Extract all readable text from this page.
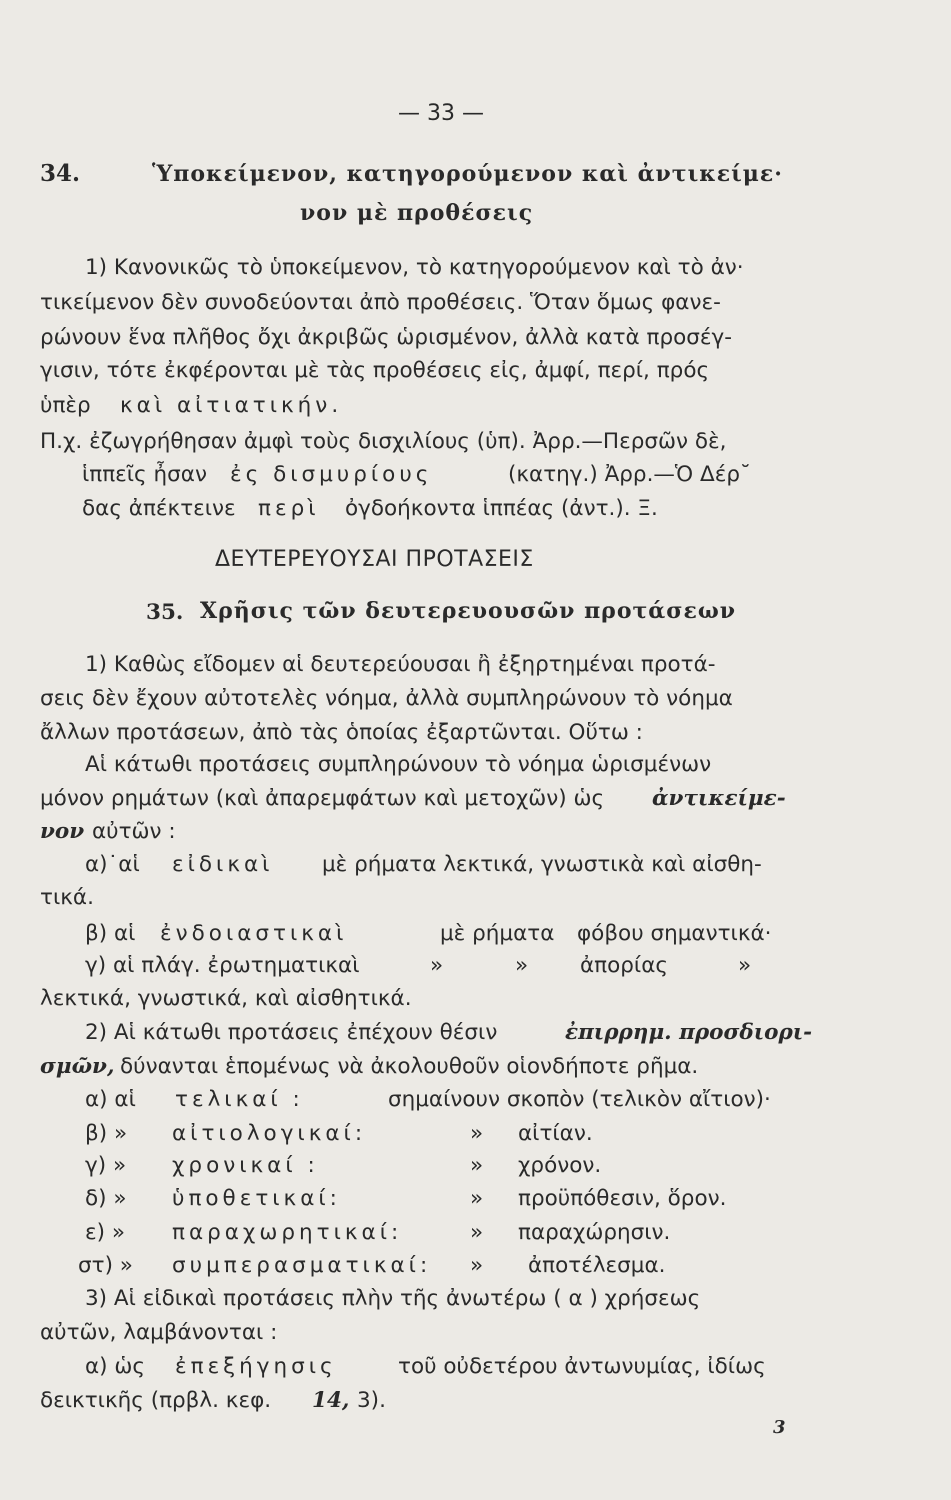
— 33 —
34.	Ὑποκείμενον, κατηγορούμενον καὶ ἀντικείμε·
νον μὲ προθέσεις
1) Κανονικῶς τὸ ὑποκείμενον, τὸ κατηγορούμενον καὶ τὸ ἀν·
τικείμενον δὲν συνοδεύονται ἀπὸ προθέσεις. Ὅταν ὅμως φανε-
ρώνουν ἕνα πλῆθος ὄχι ἀκριβῶς ὡρισμένον, ἀλλὰ κατὰ προσέγ-
γισιν, τότε ἐκφέρονται μὲ τὰς προθέσεις εἰς, ἀμφί, περί, πρός
ὑπὲρ καὶ αἰτιατικήν.
Π.χ. ἐζωγρήθησαν ἀμφὶ τοὺς δισχιλίους (ὑπ). Ἀρρ.—Περσῶν δὲ,
ἱππεῖς ἦσαν ἐς δισμυρίους	(κατηγ.) Ἀρρ.—Ὁ Δέρ˘
δας ἀπέκτεινε περὶ ὀγδοήκοντα ἱππέας (ἀντ.). Ξ.
ΔΕΥΤΕΡΕΥΟΥΣΑΙ ΠΡΟΤΑΣΕΙΣ
35. Χρῆσις τῶν δευτερευουσῶν προτάσεων
1) Καθὼς εἴδομεν αἱ δευτερεύουσαι ἢ ἐξηρτημέναι προτά-
σεις δὲν ἔχουν αὐτοτελὲς νόημα, ἀλλὰ συμπληρώνουν τὸ νόημα
ἄλλων προτάσεων, ἀπὸ τὰς ὁποίας ἐξαρτῶνται. Οὕτω :
Αἱ κάτωθι προτάσεις συμπληρώνουν τὸ νόημα ὡρισμένων
μόνον ρημάτων (καὶ ἀπαρεμφάτων καὶ μετοχῶν) ὡς ἀντικείμε-
νον αὐτῶν :
α)˙αἱ εἰδικαὶ μὲ ρήματα λεκτικά, γνωστικὰ καὶ αἰσθη-
τικά.
β) αἱ ἐνδοιαστικαὶ	μὲ ρήματα φόβου σημαντικά·
γ) αἱ πλάγ. ἐρωτηματικαὶ	»	» ἀπορίας	»
λεκτικά, γνωστικά, καὶ αἰσθητικά.
2) Αἱ κάτωθι προτάσεις ἐπέχουν θέσιν	ἐπιρρημ. προσδιορι-
σμῶν, δύνανται ἑπομένως νὰ ἀκολουθοῦν οἱονδήποτε ρῆμα.
α) αἱ τελικαί :	σημαίνουν σκοπὸν (τελικὸν αἴτιον)·
β) » αἰτιολογικαί:	» αἰτίαν.
γ) » χρονικαί :	» χρόνον.
δ) » ὑποθετικαί:	» προϋπόθεσιν, ὅρον.
ε) » παραχωρητικαί:	» παραχώρησιν.
στ) » συμπερασματικαί: » ἀποτέλεσμα.
3) Αἱ εἰδικαὶ προτάσεις πλὴν τῆς ἀνωτέρω ( α ) χρήσεως
αὐτῶν, λαμβάνονται :
α) ὡς ἐπεξήγησις	τοῦ οὐδετέρου ἀντωνυμίας, ἰδίως
δεικτικῆς (πρβλ. κεφ. 14, 3).
3
